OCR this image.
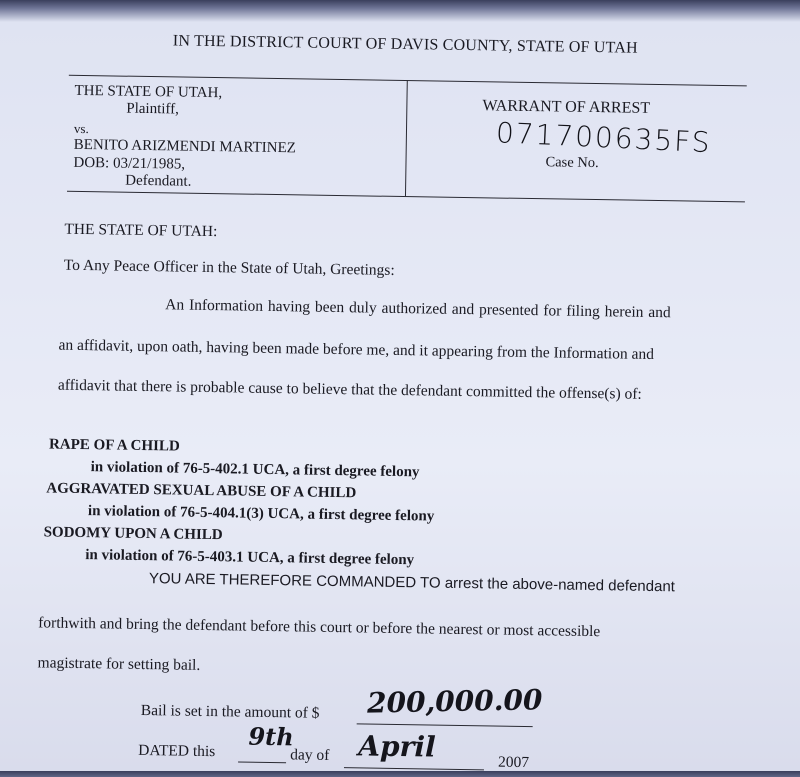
IN THE DISTRICT COURT OF DAVIS COUNTY, STATE OF UTAH
THE STATE OF UTAH,
Plaintiff,
vs.
BENITO ARIZMENDI MARTINEZ
DOB: 03/21/1985,
Defendant.
WARRANT OF ARREST
071700635FS
Case No.
THE STATE OF UTAH:
To Any Peace Officer in the State of Utah, Greetings:
An Information having been duly authorized and presented for filing herein and
an affidavit, upon oath, having been made before me, and it appearing from the Information and
affidavit that there is probable cause to believe that the defendant committed the offense(s) of:
RAPE OF A CHILD
in violation of 76-5-402.1 UCA, a first degree felony
AGGRAVATED SEXUAL ABUSE OF A CHILD
in violation of 76-5-404.1(3) UCA, a first degree felony
SODOMY UPON A CHILD
in violation of 76-5-403.1 UCA, a first degree felony
YOU ARE THEREFORE COMMANDED TO arrest the above-named defendant
forthwith and bring the defendant before this court or before the nearest or most accessible
magistrate for setting bail.
Bail is set in the amount of $ 200,000.00
DATED this 9th
day of April	2007
